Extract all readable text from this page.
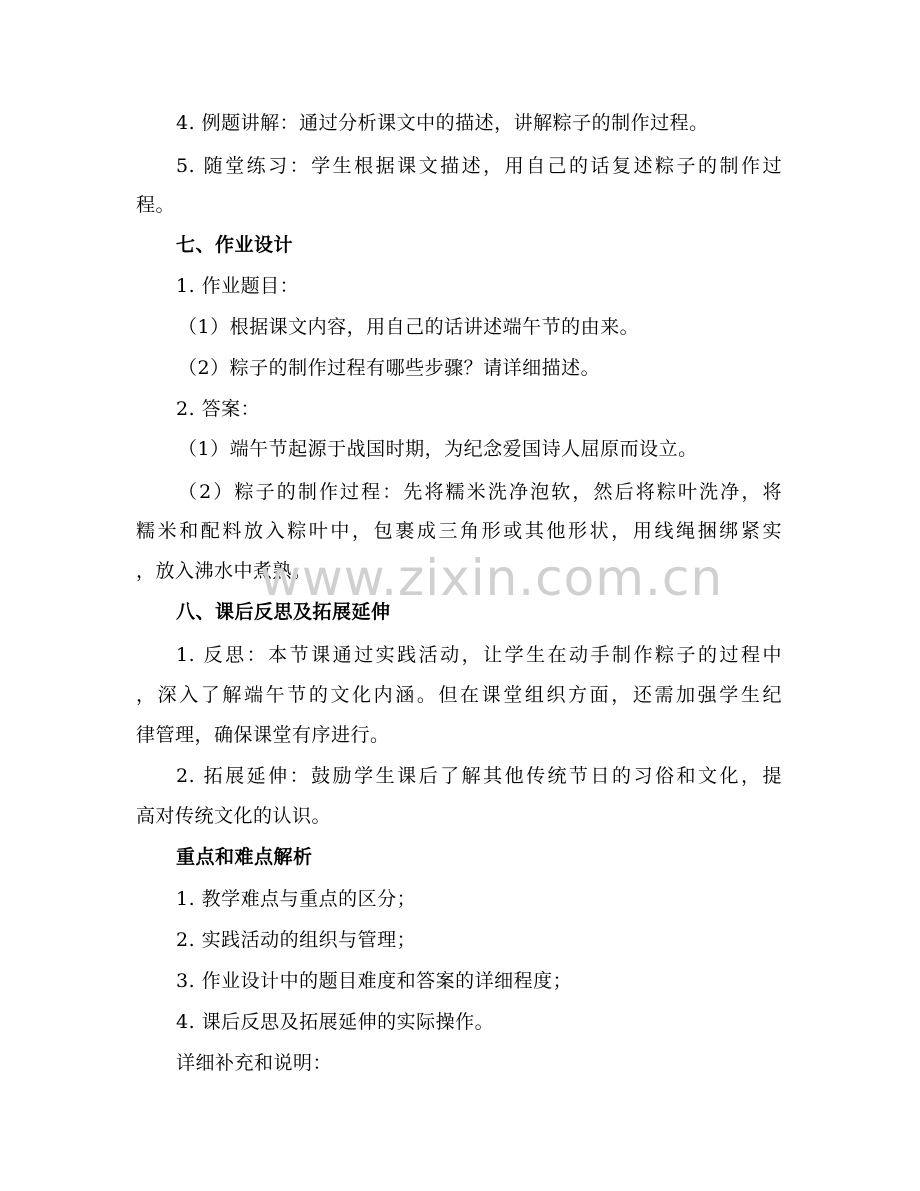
4. 例题讲解：通过分析课文中的描述，讲解粽子的制作过程。
5. 随堂练习：学生根据课文描述，用自己的话复述粽子的制作过
程。
七、作业设计
1. 作业题目：
（1）根据课文内容，用自己的话讲述端午节的由来。
（2）粽子的制作过程有哪些步骤？请详细描述。
2. 答案：
（1）端午节起源于战国时期，为纪念爱国诗人屈原而设立。
（2）粽子的制作过程：先将糯米洗净泡软，然后将粽叶洗净，将
糯米和配料放入粽叶中，包裹成三角形或其他形状，用线绳捆绑紧实
，放入沸水中煮熟。
八、课后反思及拓展延伸
1. 反思：本节课通过实践活动，让学生在动手制作粽子的过程中
，深入了解端午节的文化内涵。但在课堂组织方面，还需加强学生纪
律管理，确保课堂有序进行。
2. 拓展延伸：鼓励学生课后了解其他传统节日的习俗和文化，提
高对传统文化的认识。
重点和难点解析
1. 教学难点与重点的区分；
2. 实践活动的组织与管理；
3. 作业设计中的题目难度和答案的详细程度；
4. 课后反思及拓展延伸的实际操作。
详细补充和说明：
www.zixin.com.cn
